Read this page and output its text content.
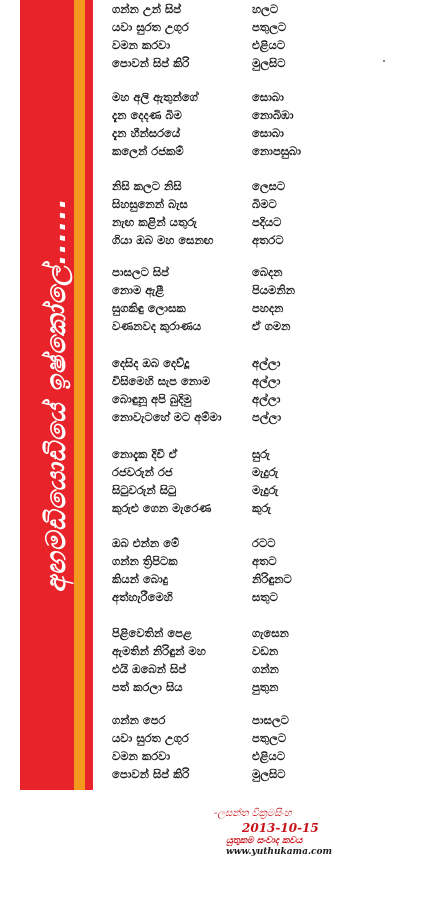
අඟමඩියොඩියේ ඉෂ්කෝලේ......
ගන්න උන් සිප්	හලට
යවා සුරත උගුර	පතුලට
වමන කරවා	එළියට
පොවන් සිප් කිරි	මුලසිට
මහ අලි ඇතුන්ගේ	සොබා
දැන දෙදණ බිම	නොබිඹා
දැන හීන්සරයේ	සොබා
කලෙන් රජකම්	නොපසුබා
නිසි කලට නිසි	ලෙසට
සිහසුනෙන් බැස	බිමට
නැඟ කළින් යතුරු	පදියට
ගියා ඔබ මහ සෙනඟ	අතරට
පාසලට සිප්	බෙදන
නොම ඇළී	පියමනින
සුගකිඳු ලොසක	පහදන
වණනවද කුරාණය	ඒ ගමන
දෙසිද ඔබ දෙව්දූ	අල්ලා
විසිමෙහි සැප නොම	අල්ලා
බොඳුනූ අපි බුදිමු	අල්ලා
නොවැටහේ මට අම්මා	පල්ලා
නොදැක දිවි ඒ	සුරු
රජවරුන් රජ	මැදුරු
සිටුවරුන් සිටු	මැදුරු
කුරුළු ගෙන මැරෙණ	කුරු
ඔබ එන්න මේ	රටට
ගන්න ත්‍රිපිටක	අතට
කියන් බොදු	නිරිඳුනට
අත්හැරීමෙහි	සතුට
පිළිවෙතින් පෙළ	ගැසෙන
ඇමතින් නිරිඳුන් මහ	වඩන
එයි ඔබෙන් සිප්	ගන්න
පත් කරලා සිය	පුතුන
ගන්න පෙර	පාසලට
යවා සුරත උගුර	පතුලට
වමන කරවා	එළියට
පොවන් සිප් කිරි	මුලසිට
-ලසන්ත වික්‍රමසිංහ
2013-10-15
යුතුකම සංවාද කවය
www.yuthukama.com
